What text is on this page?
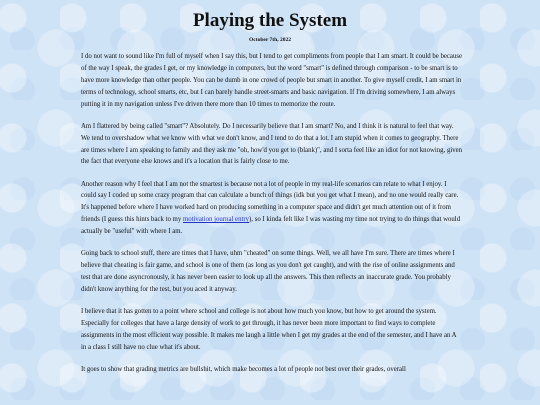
Playing the System
October 7th, 2022

I do not want to sound like I'm full of myself when I say this, but I tend to get compliments from people that I am smart. It could be because of the way I speak, the grades I get, or my knowledge in computers, but the word "smart" is defined through comparison - to be smart is to have more knowledge than other people. You can be dumb in one crowd of people but smart in another. To give myself credit, I am smart in terms of technology, school smarts, etc, but I can barely handle street-smarts and basic navigation. If I'm driving somewhere, I am always putting it in my navigation unless I've driven there more than 10 times to memorize the route.

Am I flattered by being called "smart"? Absolutely. Do I necessarily believe that I am smart? No, and I think it is natural to feel that way. We tend to overshadow what we know with what we don't know, and I tend to do that a lot. I am stupid when it comes to geography. There are times where I am speaking to family and they ask me "oh, how'd you get to (blank)", and I sorta feel like an idiot for not knowing, given the fact that everyone else knows and it's a location that is fairly close to me.

Another reason why I feel that I am not the smartest is because not a lot of people in my real-life scenarios can relate to what I enjoy. I could say I coded up some crazy program that can calculate a bunch of things (idk but you get what I mean), and no one would really care. It's happened before where I have worked hard on producing something in a computer space and didn't get much attention out of it from friends (I guess this hints back to my motivation journal entry), so I kinda felt like I was wasting my time not trying to do things that would actually be "useful" with where I am.

Going back to school stuff, there are times that I have, uhm "cheated" on some things. Well, we all have I'm sure. There are times where I believe that cheating is fair game, and school is one of them (as long as you don't get caught), and with the rise of online assignments and test that are done asyncronously, it has never been easier to look up all the answers. This then reflects an inaccurate grade. You probably didn't know anything for the test, but you aced it anyway.

I believe that it has gotten to a point where school and college is not about how much you know, but how to get around the system. Especially for colleges that have a large density of work to get through, it has never been more important to find ways to complete assignments in the most efficient way possible. It makes me laugh a little when I get my grades at the end of the semester, and I have an A in a class I still have no clue what it's about.

It goes to show that grading metrics are bullshit, which make becomes a lot of people not best over their grades, overall
